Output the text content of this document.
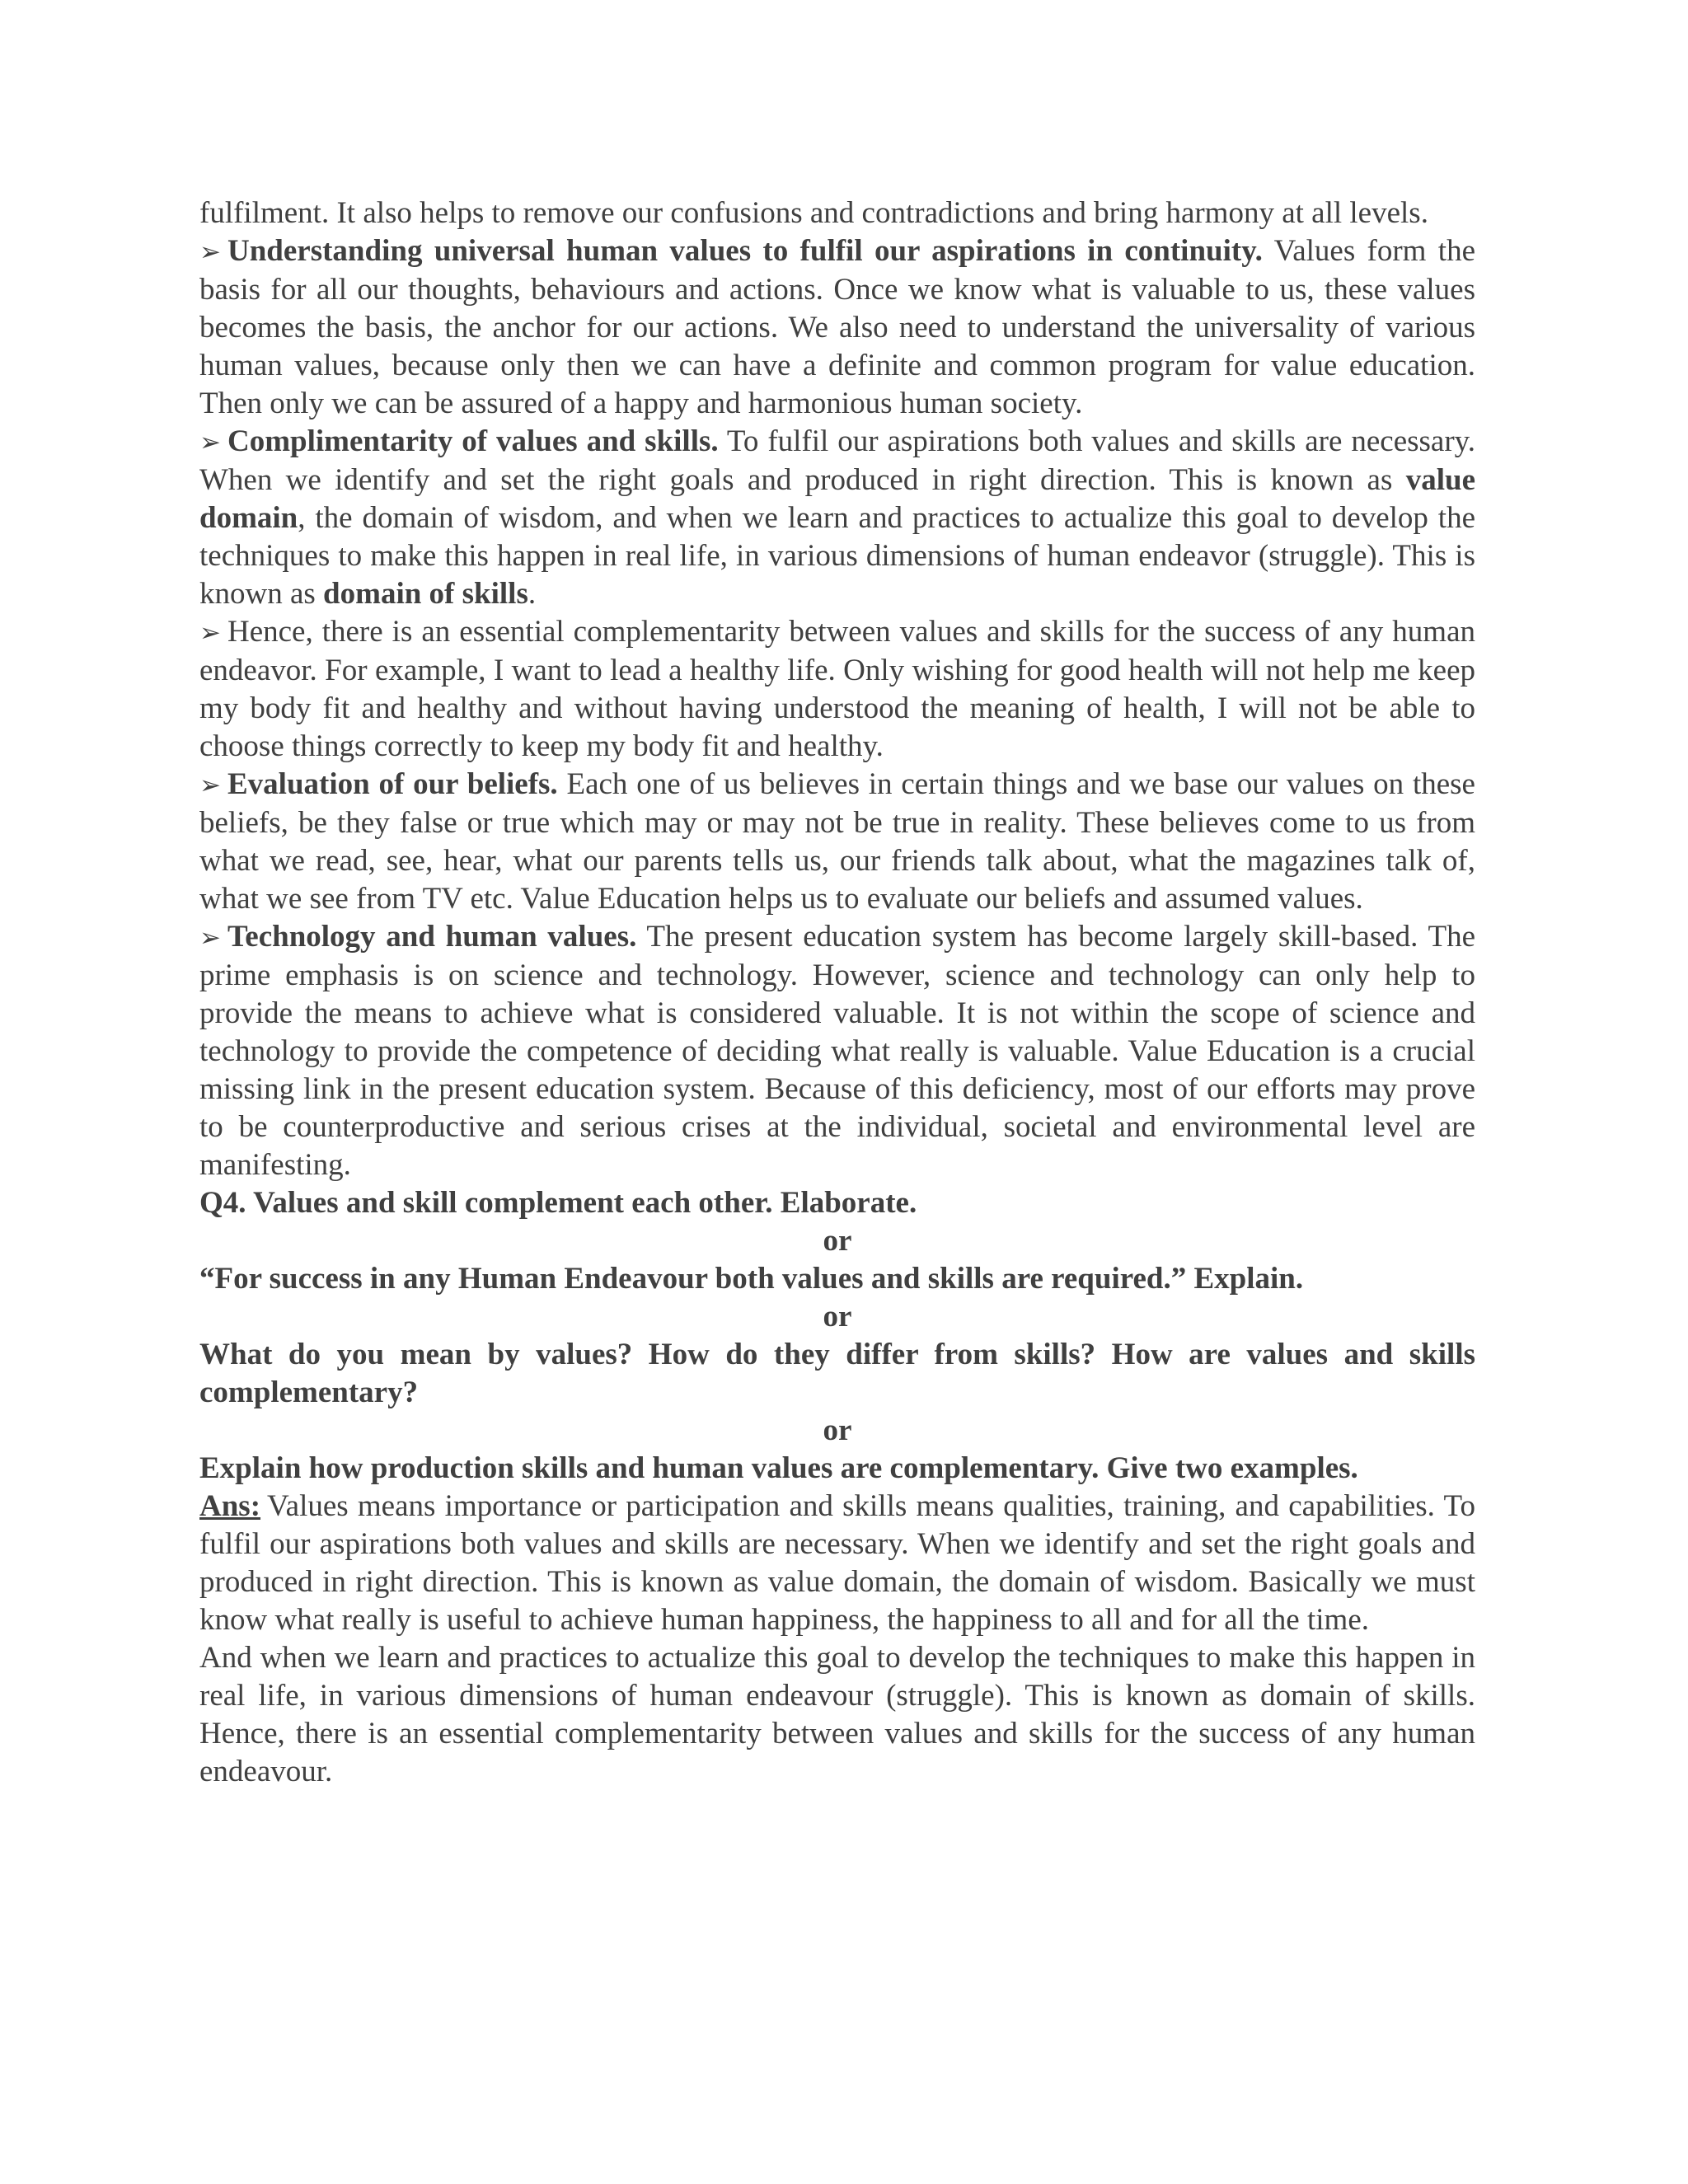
fulfilment. It also helps to remove our confusions and contradictions and bring harmony at all levels.

➢ Understanding universal human values to fulfil our aspirations in continuity. Values form the basis for all our thoughts, behaviours and actions. Once we know what is valuable to us, these values becomes the basis, the anchor for our actions. We also need to understand the universality of various human values, because only then we can have a definite and common program for value education. Then only we can be assured of a happy and harmonious human society.

➢ Complimentarity of values and skills. To fulfil our aspirations both values and skills are necessary. When we identify and set the right goals and produced in right direction. This is known as value domain, the domain of wisdom, and when we learn and practices to actualize this goal to develop the techniques to make this happen in real life, in various dimensions of human endeavor (struggle). This is known as domain of skills.

➢ Hence, there is an essential complementarity between values and skills for the success of any human endeavor. For example, I want to lead a healthy life. Only wishing for good health will not help me keep my body fit and healthy and without having understood the meaning of health, I will not be able to choose things correctly to keep my body fit and healthy.

➢ Evaluation of our beliefs. Each one of us believes in certain things and we base our values on these beliefs, be they false or true which may or may not be true in reality. These believes come to us from what we read, see, hear, what our parents tells us, our friends talk about, what the magazines talk of, what we see from TV etc. Value Education helps us to evaluate our beliefs and assumed values.

➢ Technology and human values. The present education system has become largely skill-based. The prime emphasis is on science and technology. However, science and technology can only help to provide the means to achieve what is considered valuable. It is not within the scope of science and technology to provide the competence of deciding what really is valuable. Value Education is a crucial missing link in the present education system. Because of this deficiency, most of our efforts may prove to be counterproductive and serious crises at the individual, societal and environmental level are manifesting.

Q4. Values and skill complement each other. Elaborate.

or

“For success in any Human Endeavour both values and skills are required.” Explain.

or

What do you mean by values? How do they differ from skills? How are values and skills complementary?

or

Explain how production skills and human values are complementary. Give two examples.

Ans: Values means importance or participation and skills means qualities, training, and capabilities. To fulfil our aspirations both values and skills are necessary. When we identify and set the right goals and produced in right direction. This is known as value domain, the domain of wisdom. Basically we must know what really is useful to achieve human happiness, the happiness to all and for all the time.

And when we learn and practices to actualize this goal to develop the techniques to make this happen in real life, in various dimensions of human endeavour (struggle). This is known as domain of skills. Hence, there is an essential complementarity between values and skills for the success of any human endeavour.
